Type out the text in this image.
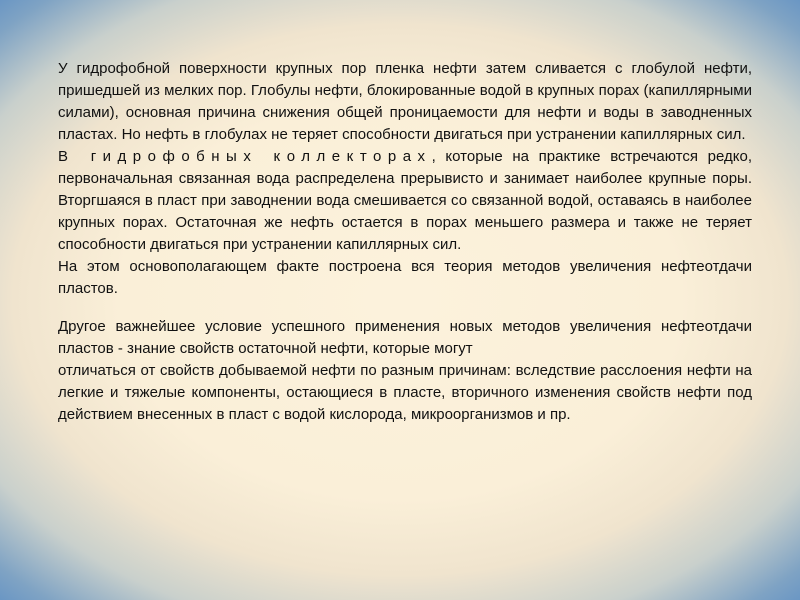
У гидрофобной поверхности крупных пор пленка нефти затем сливается с глобулой нефти, пришедшей из мелких пор. Глобулы нефти, блокированные водой в крупных порах (капиллярными силами), основная причина снижения общей проницаемости для нефти и воды в заводненных пластах. Но нефть в глобулах не теряет способности двигаться при устранении капиллярных сил.

В гидрофобных коллекторах, которые на практике встречаются редко, первоначальная связанная вода распределена прерывисто и занимает наиболее крупные поры. Вторгшаяся в пласт при заводнении вода смешивается со связанной водой, оставаясь в наиболее крупных порах. Остаточная же нефть остается в порах меньшего размера и также не теряет способности двигаться при устранении капиллярных сил.

На этом основополагающем факте построена вся теория методов увеличения нефтеотдачи пластов.

Другое важнейшее условие успешного применения новых методов увеличения нефтеотдачи пластов - знание свойств остаточной нефти, которые могут

отличаться от свойств добываемой нефти по разным причинам: вследствие расслоения нефти на легкие и тяжелые компоненты, остающиеся в пласте, вторичного изменения свойств нефти под действием внесенных в пласт с водой кислорода, микроорганизмов и пр.
